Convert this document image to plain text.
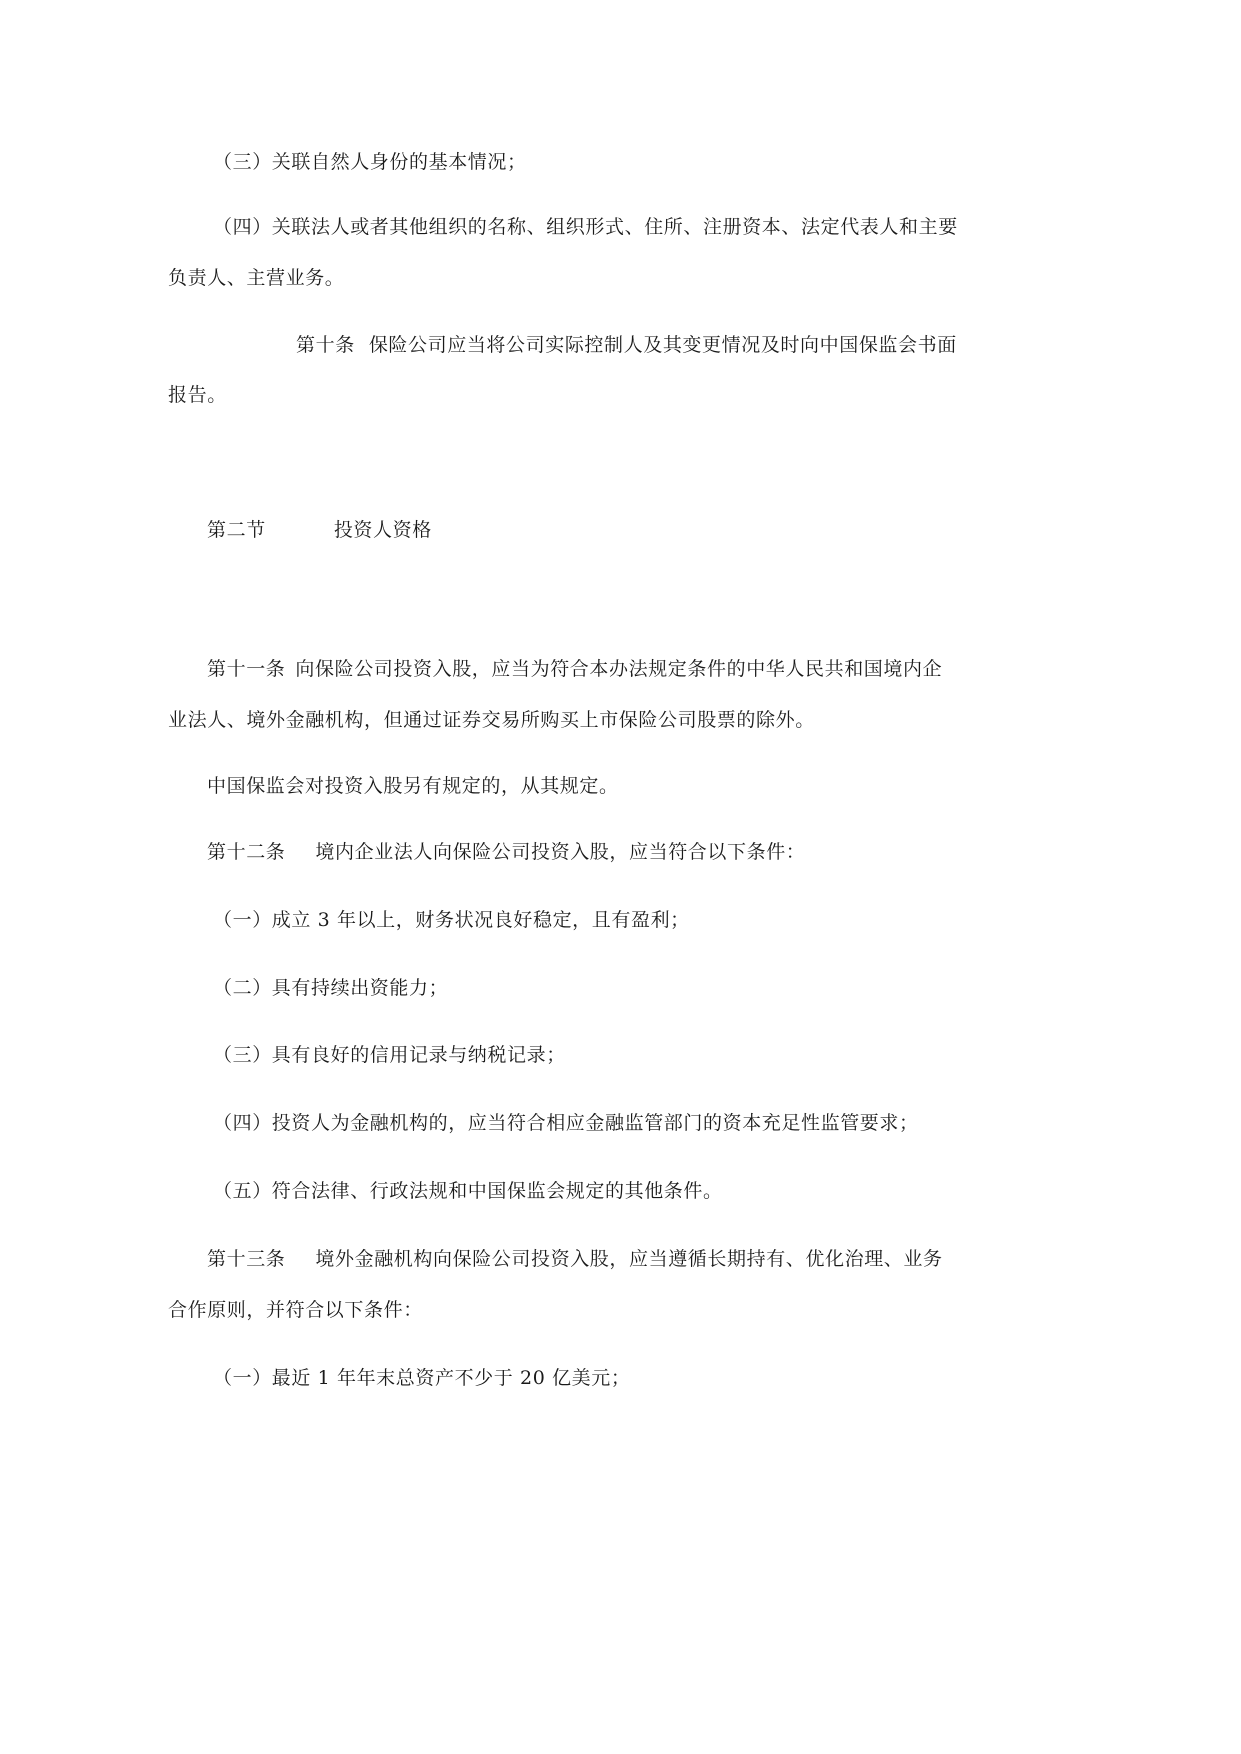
（三）关联自然人身份的基本情况；
（四）关联法人或者其他组织的名称、组织形式、住所、注册资本、法定代表人和主要
负责人、主营业务。
第十条 保险公司应当将公司实际控制人及其变更情况及时向中国保监会书面
报告。
第二节	投资人资格
第十一条 向保险公司投资入股，应当为符合本办法规定条件的中华人民共和国境内企
业法人、境外金融机构，但通过证券交易所购买上市保险公司股票的除外。
中国保监会对投资入股另有规定的，从其规定。
第十二条 境内企业法人向保险公司投资入股，应当符合以下条件：
（一）成立 3 年以上，财务状况良好稳定，且有盈利；
（二）具有持续出资能力；
（三）具有良好的信用记录与纳税记录；
（四）投资人为金融机构的，应当符合相应金融监管部门的资本充足性监管要求；
（五）符合法律、行政法规和中国保监会规定的其他条件。
第十三条 境外金融机构向保险公司投资入股，应当遵循长期持有、优化治理、业务
合作原则，并符合以下条件：
（一）最近 1 年年末总资产不少于 20 亿美元；
